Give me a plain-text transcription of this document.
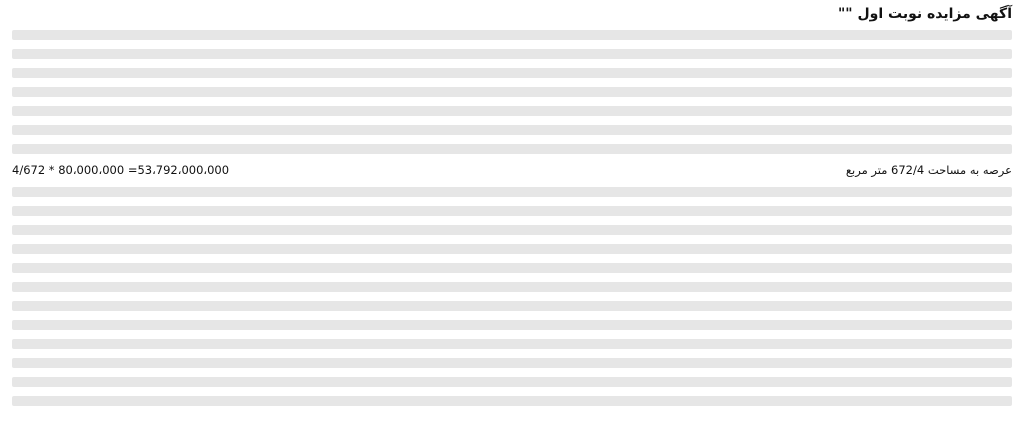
آگهی مزایده نوبت اول ""
عرصه به مساحت 672/4 متر مربع
4/672 * 80،000،000 =53،792،000،000
